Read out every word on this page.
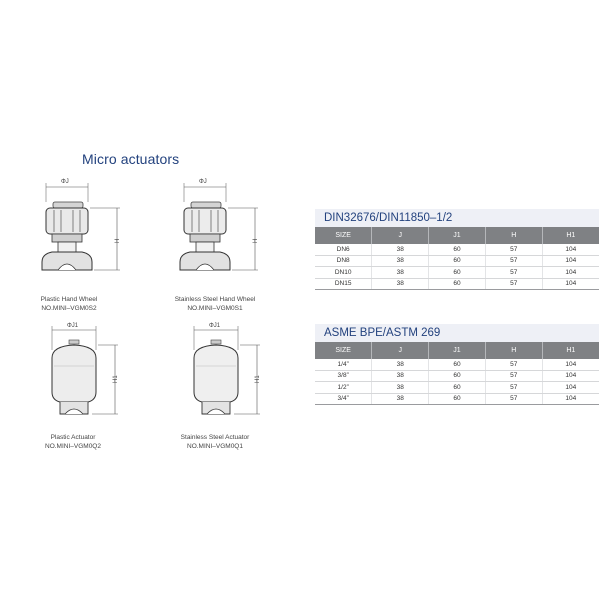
Micro actuators
ΦJ
H
Plastic Hand Wheel
NO.MINI–VGM0S2
ΦJ
H
Stainless Steel Hand Wheel
NO.MINI–VGM0S1
ΦJ1
H1
Plastic Actuator
NO.MINI–VGM0Q2
ΦJ1
H1
Stainless Steel Actuator
NO.MINI–VGM0Q1
DIN32676/DIN11850–1/2
SIZE	J	J1	H	H1
DN6	38	60	57	104
DN8	38	60	57	104
DN10	38	60	57	104
DN15	38	60	57	104
ASME BPE/ASTM 269
SIZE	J	J1	H	H1
1/4”	38	60	57	104
3/8”	38	60	57	104
1/2”	38	60	57	104
3/4”	38	60	57	104
